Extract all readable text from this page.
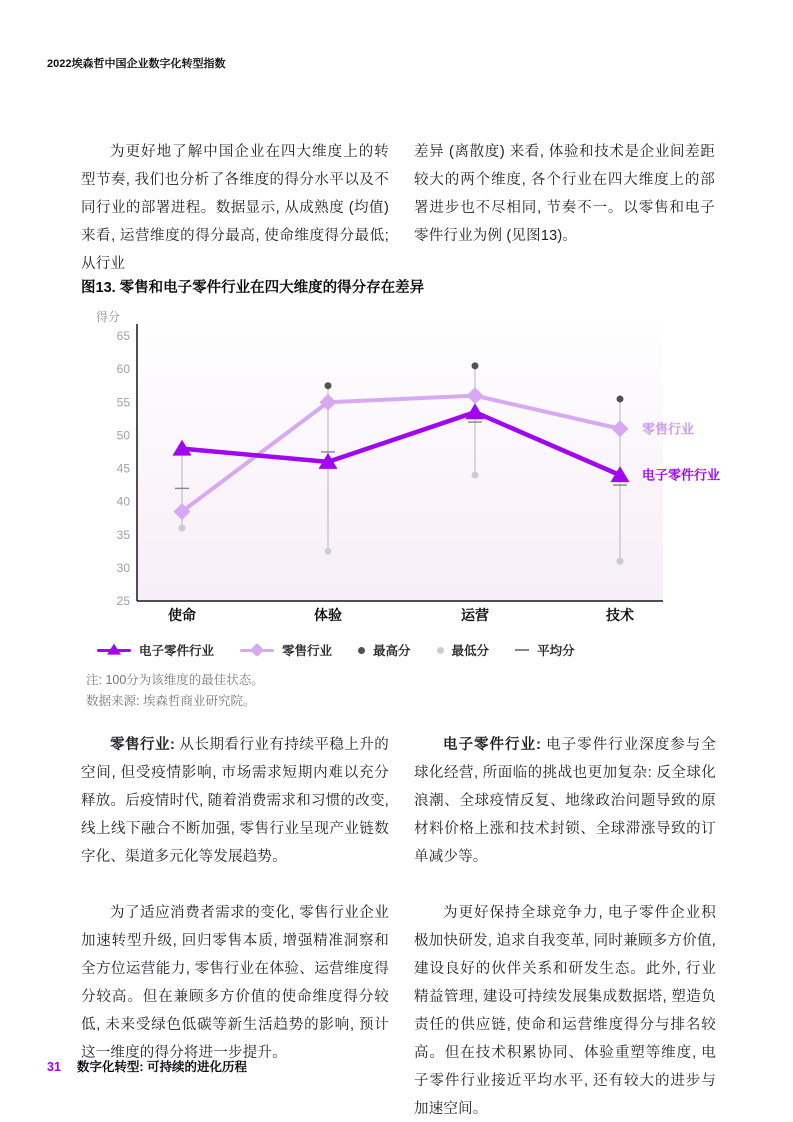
2022埃森哲中国企业数字化转型指数

为更好地了解中国企业在四大维度上的转型节奏, 我们也分析了各维度的得分水平以及不同行业的部署进程。数据显示, 从成熟度 (均值) 来看, 运营维度的得分最高, 使命维度得分最低; 从行业

差异 (离散度) 来看, 体验和技术是企业间差距较大的两个维度, 各个行业在四大维度上的部署进步也不尽相同, 节奏不一。以零售和电子零件行业为例 (见图13)。

图13. 零售和电子零件行业在四大维度的得分存在差异
得分
65
60
55
50
45
40
35
30
25
使命	体验	运营	技术
零售行业
电子零件行业
电子零件行业	零售行业	最高分	最低分	平均分
注: 100分为该维度的最佳状态。
数据来源: 埃森哲商业研究院。

零售行业: 从长期看行业有持续平稳上升的空间, 但受疫情影响, 市场需求短期内难以充分释放。后疫情时代, 随着消费需求和习惯的改变, 线上线下融合不断加强, 零售行业呈现产业链数字化、渠道多元化等发展趋势。

为了适应消费者需求的变化, 零售行业企业加速转型升级, 回归零售本质, 增强精准洞察和全方位运营能力, 零售行业在体验、运营维度得分较高。但在兼顾多方价值的使命维度得分较低, 未来受绿色低碳等新生活趋势的影响, 预计这一维度的得分将进一步提升。

电子零件行业: 电子零件行业深度参与全球化经营, 所面临的挑战也更加复杂: 反全球化浪潮、全球疫情反复、地缘政治问题导致的原材料价格上涨和技术封锁、全球滞涨导致的订单减少等。

为更好保持全球竞争力, 电子零件企业积极加快研发, 追求自我变革, 同时兼顾多方价值, 建设良好的伙伴关系和研发生态。此外, 行业精益管理, 建设可持续发展集成数据塔, 塑造负责任的供应链, 使命和运营维度得分与排名较高。但在技术积累协同、体验重塑等维度, 电子零件行业接近平均水平, 还有较大的进步与加速空间。

31 数字化转型: 可持续的进化历程
